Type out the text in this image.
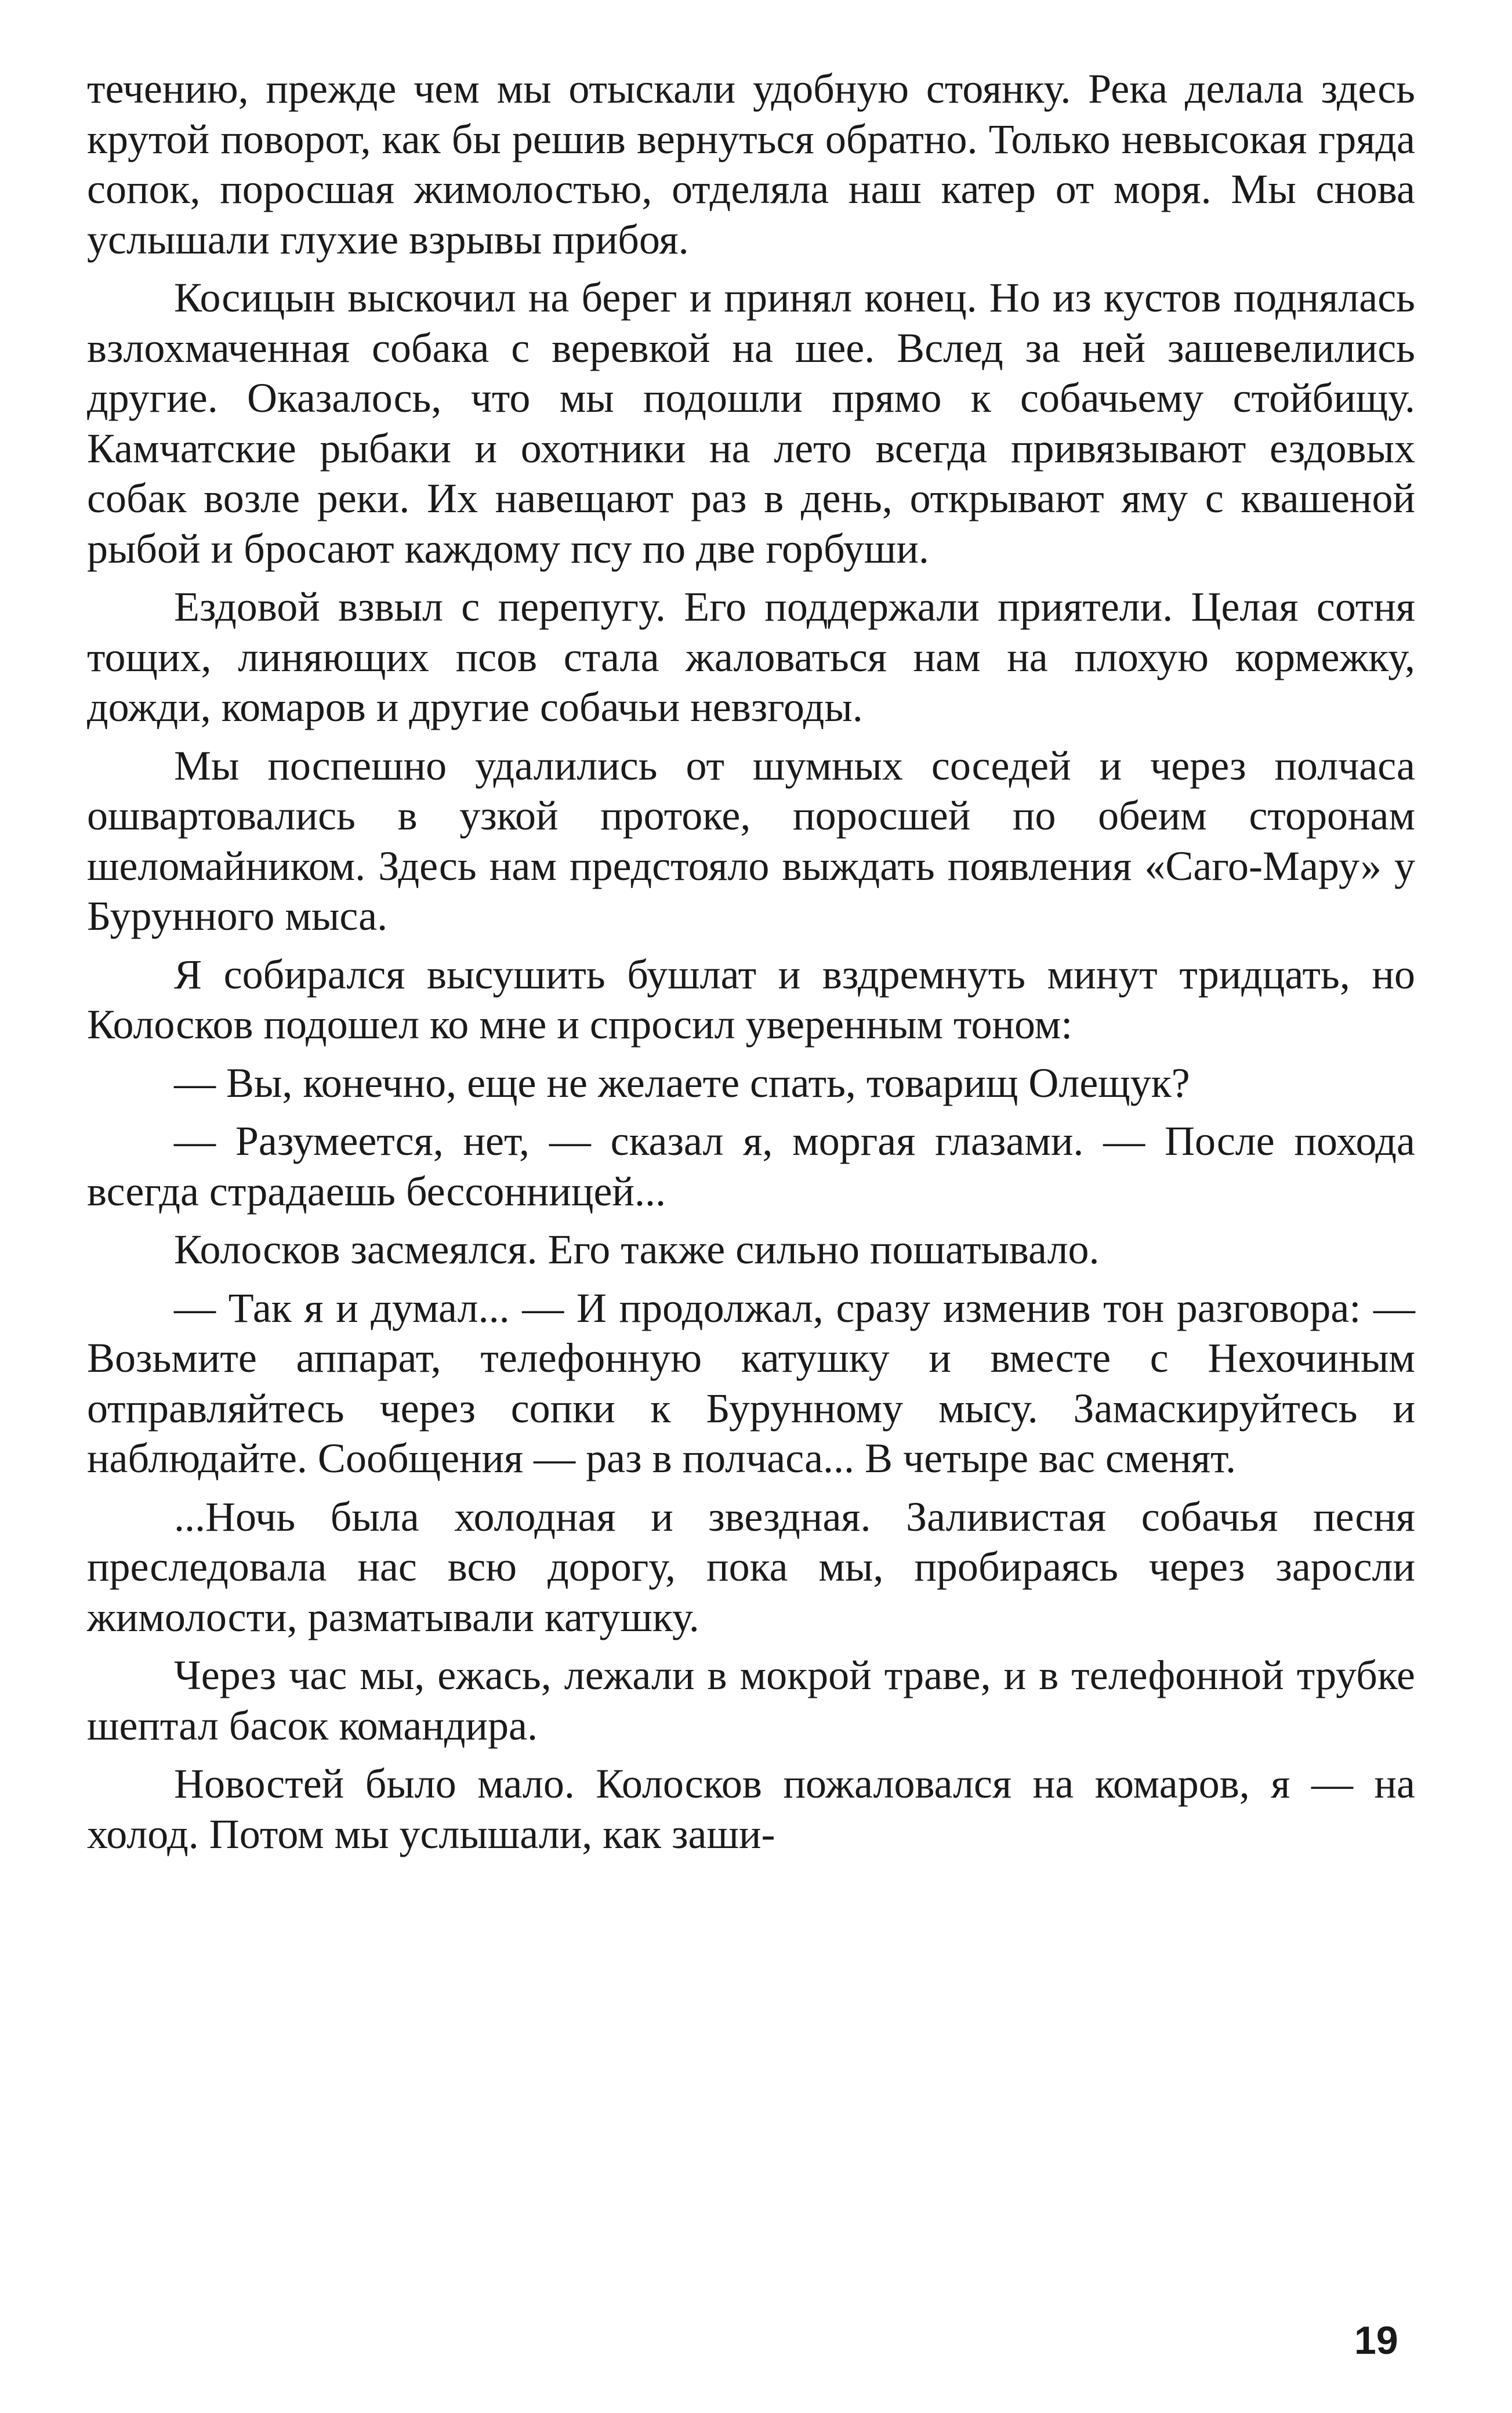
течению, прежде чем мы отыскали удобную стоянку. Река делала здесь крутой поворот, как бы решив вернуться обратно. Только невысокая гряда сопок, поросшая жимолостью, отделяла наш катер от моря. Мы снова услышали глухие взрывы прибоя.

Косицын выскочил на берег и принял конец. Но из кустов поднялась взлохмаченная собака с веревкой на шее. Вслед за ней зашевелились другие. Оказалось, что мы подошли прямо к собачьему стойбищу. Камчатские рыбаки и охотники на лето всегда привязывают ездовых собак возле реки. Их навещают раз в день, открывают яму с квашеной рыбой и бросают каждому псу по две горбуши.

Ездовой взвыл с перепугу. Его поддержали приятели. Целая сотня тощих, линяющих псов стала жаловаться нам на плохую кормежку, дожди, комаров и другие собачьи невзгоды.

Мы поспешно удалились от шумных соседей и через полчаса ошвартовались в узкой протоке, поросшей по обеим сторонам шеломайником. Здесь нам предстояло выждать появления «Саго-Мару» у Бурунного мыса.

Я собирался высушить бушлат и вздремнуть минут тридцать, но Колосков подошел ко мне и спросил уверенным тоном:

— Вы, конечно, еще не желаете спать, товарищ Олещук?

— Разумеется, нет, — сказал я, моргая глазами. — После похода всегда страдаешь бессонницей...

Колосков засмеялся. Его также сильно пошатывало.

— Так я и думал... — И продолжал, сразу изменив тон разговора: — Возьмите аппарат, телефонную катушку и вместе с Нехочиным отправляйтесь через сопки к Бурунному мысу. Замаскируйтесь и наблюдайте. Сообщения — раз в полчаса... В четыре вас сменят.

...Ночь была холодная и звездная. Заливистая собачья песня преследовала нас всю дорогу, пока мы, пробираясь через заросли жимолости, разматывали катушку.

Через час мы, ежась, лежали в мокрой траве, и в телефонной трубке шептал басок командира.

Новостей было мало. Колосков пожаловался на комаров, я — на холод. Потом мы услышали, как заши-

19
